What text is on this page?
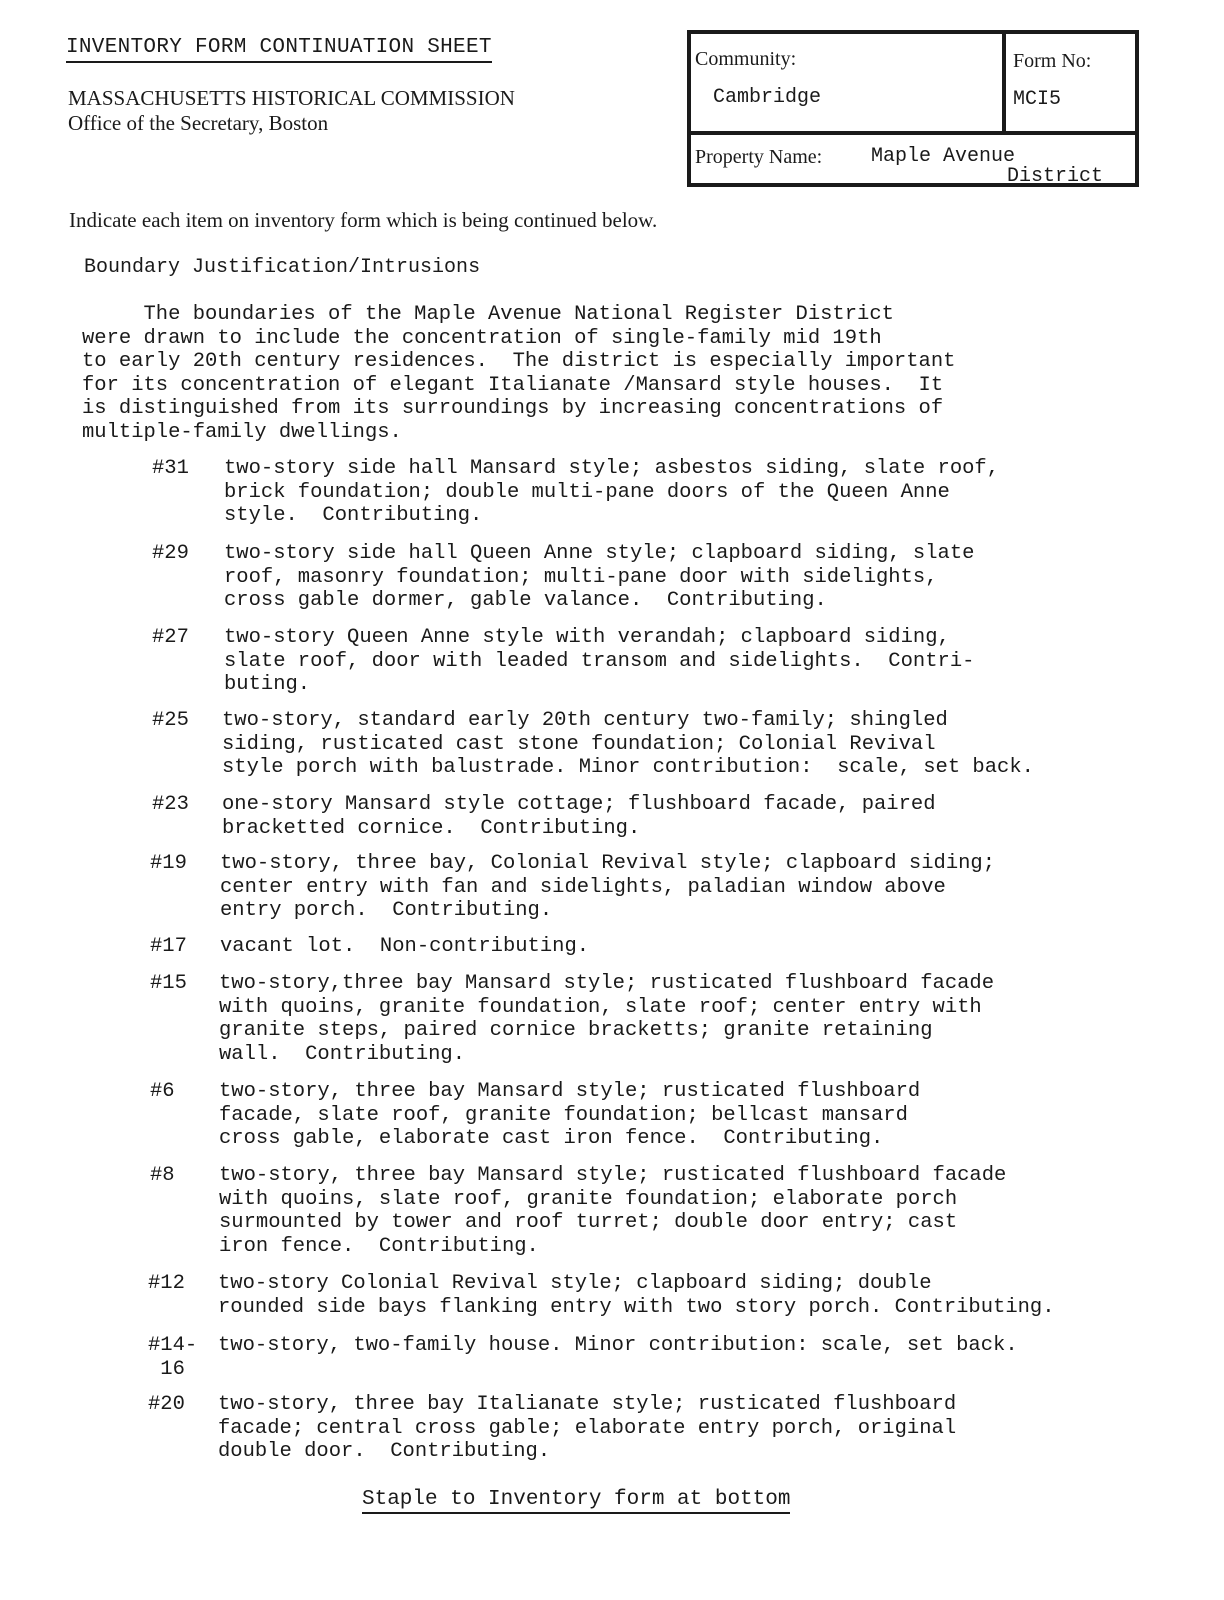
INVENTORY FORM CONTINUATION SHEET
MASSACHUSETTS HISTORICAL COMMISSION
Office of the Secretary, Boston
Community:
Cambridge
Form No:
MCI5
Property Name: Maple Avenue
District
Indicate each item on inventory form which is being continued below.
Boundary Justification/Intrusions
The boundaries of the Maple Avenue National Register District
were drawn to include the concentration of single-family mid 19th
to early 20th century residences.  The district is especially important
for its concentration of elegant Italianate /Mansard style houses.  It
is distinguished from its surroundings by increasing concentrations of
multiple-family dwellings.
#31 two-story side hall Mansard style; asbestos siding, slate roof,
brick foundation; double multi-pane doors of the Queen Anne
style.  Contributing.
#29 two-story side hall Queen Anne style; clapboard siding, slate
roof, masonry foundation; multi-pane door with sidelights,
cross gable dormer, gable valance.  Contributing.
#27 two-story Queen Anne style with verandah; clapboard siding,
slate roof, door with leaded transom and sidelights.  Contri-
buting.
#25 two-story, standard early 20th century two-family; shingled
siding, rusticated cast stone foundation; Colonial Revival
style porch with balustrade. Minor contribution:  scale, set back.
#23 one-story Mansard style cottage; flushboard facade, paired
bracketted cornice.  Contributing.
#19 two-story, three bay, Colonial Revival style; clapboard siding;
center entry with fan and sidelights, paladian window above
entry porch.  Contributing.
#17 vacant lot.  Non-contributing.
#15 two-story,three bay Mansard style; rusticated flushboard facade
with quoins, granite foundation, slate roof; center entry with
granite steps, paired cornice bracketts; granite retaining
wall.  Contributing.
#6 two-story, three bay Mansard style; rusticated flushboard
facade, slate roof, granite foundation; bellcast mansard
cross gable, elaborate cast iron fence.  Contributing.
#8 two-story, three bay Mansard style; rusticated flushboard facade
with quoins, slate roof, granite foundation; elaborate porch
surmounted by tower and roof turret; double door entry; cast
iron fence.  Contributing.
#12 two-story Colonial Revival style; clapboard siding; double
rounded side bays flanking entry with two story porch. Contributing.
#14-
16
two-story, two-family house. Minor contribution: scale, set back.
#20 two-story, three bay Italianate style; rusticated flushboard
facade; central cross gable; elaborate entry porch, original
double door.  Contributing.
Staple to Inventory form at bottom
